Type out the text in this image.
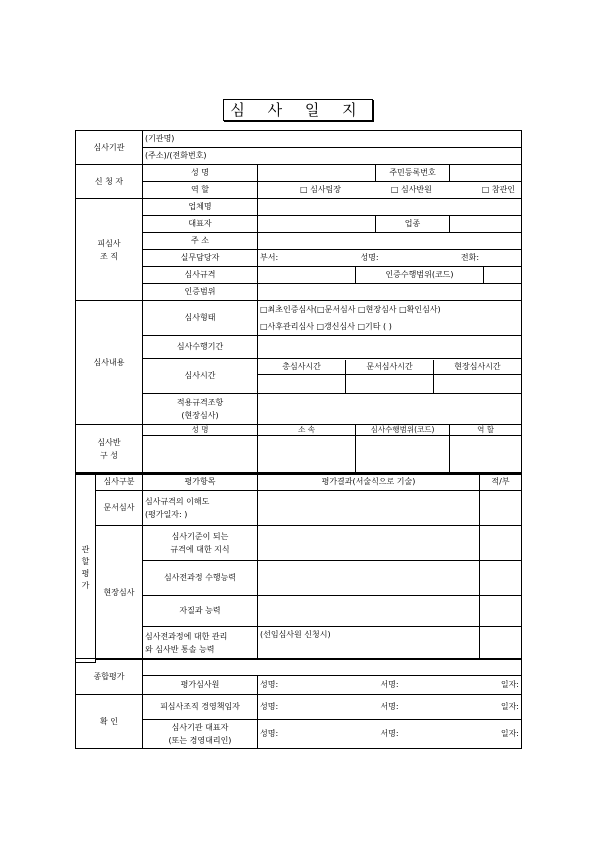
심 사 일 지
심사기관	(기관명)
(주소)/(전화번호)
신 청 자	성 명		주민등록번호	
역 할	□ 심사팀장	□ 심사반원	□ 참관인

피심사
조 직	업체명	
대표자		업종	
주 소	
실무담당자	부서:	성명:	전화:

심사규격		인증수행범위(코드)	
인증범위	
심사내용	심사형태	□최초인증심사(□문서심사 □현장심사 □확인심사)
□사후관리심사 □갱신심사 □기타 ( )
심사수행기간	
심사시간	
총심사시간	문서심사시간	현장심사시간

적용규격조항
(현장심사)	
심사반
구 성	성 명	소 속	심사수행범위(코드)	역 할

관 할 평 가	심사구분	평가항목	평가결과(서술식으로 기술)	적/부
	문서심사	심사규격의 이해도
(평가일자: )		
	현장심사	심사기준이 되는
규격에 대한 지식		
		심사전과정 수행능력		
		자질과 능력		
		심사전과정에 대한 관리
와 심사반 통솔 능력	(선임심사원 신청시)	

종합평가		
	평가심사원	성명: 서명: 일자:

확 인	피심사조직 경영책임자	성명: 서명: 일자:

	심사기관 대표자
(또는 경영대리인)	성명: 서명: 일자:
